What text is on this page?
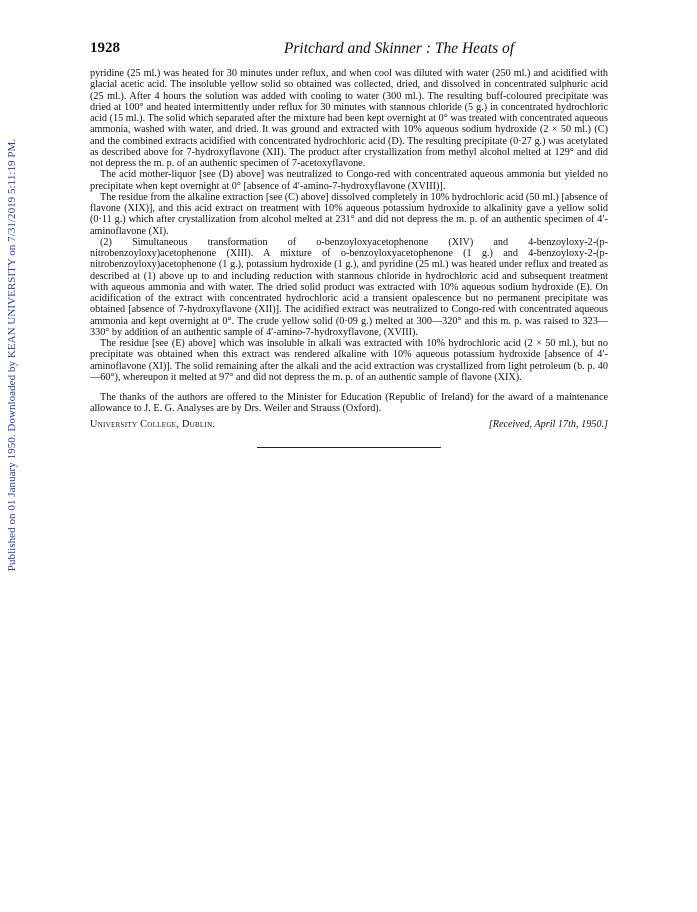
Published on 01 January 1950. Downloaded by KEAN UNIVERSITY on 7/31/2019 5:11:19 PM.
1928	Pritchard and Skinner : The Heats of

pyridine (25 ml.) was heated for 30 minutes under reflux, and when cool was diluted with water (250 ml.) and acidified with glacial acetic acid. The insoluble yellow solid so obtained was collected, dried, and dissolved in concentrated sulphuric acid (25 ml.). After 4 hours the solution was added with cooling to water (300 ml.). The resulting buff-coloured precipitate was dried at 100° and heated intermittently under reflux for 30 minutes with stannous chloride (5 g.) in concentrated hydrochloric acid (15 ml.). The solid which separated after the mixture had been kept overnight at 0° was treated with concentrated aqueous ammonia, washed with water, and dried. It was ground and extracted with 10% aqueous sodium hydroxide (2 × 50 ml.) (C) and the combined extracts acidified with concentrated hydrochloric acid (D). The resulting precipitate (0·27 g.) was acetylated as described above for 7-hydroxyflavone (XII). The product after crystallization from methyl alcohol melted at 129° and did not depress the m. p. of an authentic specimen of 7-acetoxyflavone.

The acid mother-liquor [see (D) above] was neutralized to Congo-red with concentrated aqueous ammonia but yielded no precipitate when kept overnight at 0° [absence of 4′-amino-7-hydroxyflavone (XVIII)].

The residue from the alkaline extraction [see (C) above] dissolved completely in 10% hydrochloric acid (50 ml.) [absence of flavone (XIX)], and this acid extract on treatment with 10% aqueous potassium hydroxide to alkalinity gave a yellow solid (0·11 g.) which after crystallization from alcohol melted at 231° and did not depress the m. p. of an authentic specimen of 4′-aminoflavone (XI).

(2) Simultaneous transformation of o-benzoyloxyacetophenone (XIV) and 4-benzoyloxy-2-(p-nitrobenzoyloxy)acetophenone (XIII). A mixture of o-benzoyloxyacetophenone (1 g.) and 4-benzoyloxy-2-(p-nitrobenzoyloxy)acetophenone (1 g.), potassium hydroxide (1 g.), and pyridine (25 ml.) was heated under reflux and treated as described at (1) above up to and including reduction with stannous chloride in hydrochloric acid and subsequent treatment with aqueous ammonia and with water. The dried solid product was extracted with 10% aqueous sodium hydroxide (E). On acidification of the extract with concentrated hydrochloric acid a transient opalescence but no permanent precipitate was obtained [absence of 7-hydroxyflavone (XII)]. The acidified extract was neutralized to Congo-red with concentrated aqueous ammonia and kept overnight at 0°. The crude yellow solid (0·09 g.) melted at 300—320° and this m. p. was raised to 323—330° by addition of an authentic sample of 4′-amino-7-hydroxyflavone, (XVIII).

The residue [see (E) above] which was insoluble in alkali was extracted with 10% hydrochloric acid (2 × 50 ml.), but no precipitate was obtained when this extract was rendered alkaline with 10% aqueous potassium hydroxide [absence of 4′-aminoflavone (XI)]. The solid remaining after the alkali and the acid extraction was crystallized from light petroleum (b. p. 40—60°), whereupon it melted at 97° and did not depress the m. p. of an authentic sample of flavone (XIX).

The thanks of the authors are offered to the Minister for Education (Republic of Ireland) for the award of a maintenance allowance to J. E. G. Analyses are by Drs. Weiler and Strauss (Oxford).

University College, Dublin.	[Received, April 17th, 1950.]
